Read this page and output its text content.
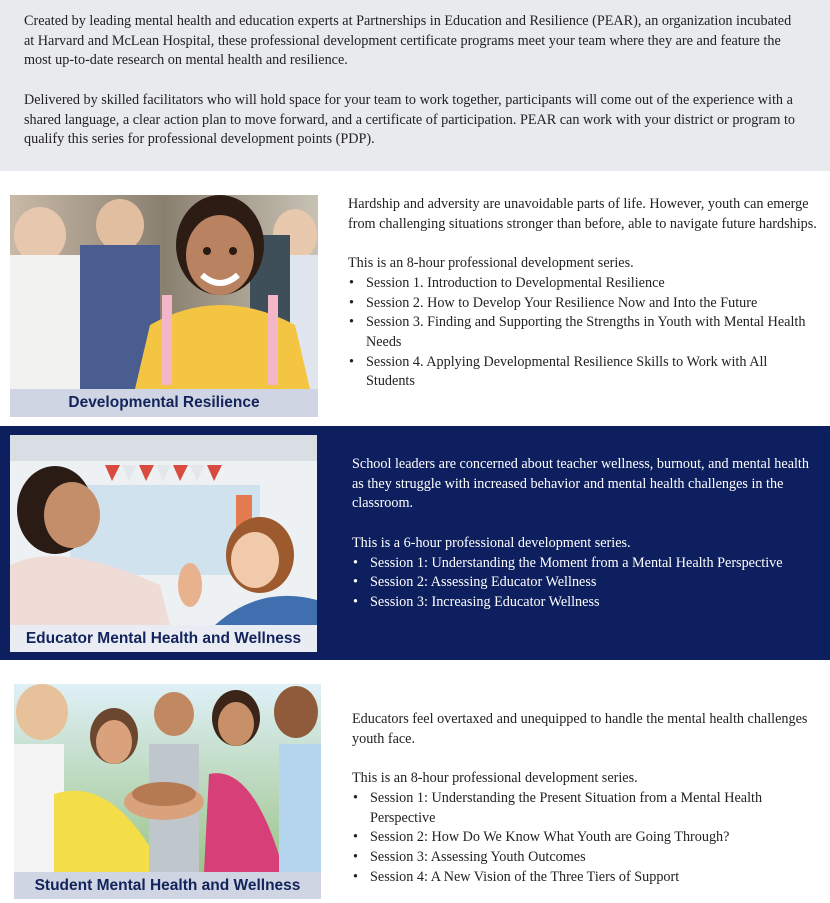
Created by leading mental health and education experts at Partnerships in Education and Resilience (PEAR), an organization incubated at Harvard and McLean Hospital, these professional development certificate programs meet your team where they are and feature the most up-to-date research on mental health and resilience.

Delivered by skilled facilitators who will hold space for your team to work together, participants will come out of the experience with a shared language, a clear action plan to move forward, and a certificate of participation. PEAR can work with your district or program to qualify this series for professional development points (PDP).

Developmental Resilience

Hardship and adversity are unavoidable parts of life. However, youth can emerge from challenging situations stronger than before, able to navigate future hardships.

This is an 8-hour professional development series.

• Session 1. Introduction to Developmental Resilience
• Session 2. How to Develop Your Resilience Now and Into the Future
• Session 3. Finding and Supporting the Strengths in Youth with Mental Health Needs
• Session 4. Applying Developmental Resilience Skills to Work with All Students
Educator Mental Health and Wellness

School leaders are concerned about teacher wellness, burnout, and mental health as they struggle with increased behavior and mental health challenges in the classroom.

This is a 6-hour professional development series.

• Session 1: Understanding the Moment from a Mental Health Perspective
• Session 2: Assessing Educator Wellness
• Session 3: Increasing Educator Wellness
Student Mental Health and Wellness

Educators feel overtaxed and unequipped to handle the mental health challenges youth face.

This is an 8-hour professional development series.

• Session 1: Understanding the Present Situation from a Mental Health Perspective
• Session 2: How Do We Know What Youth are Going Through?
• Session 3: Assessing Youth Outcomes
• Session 4: A New Vision of the Three Tiers of Support
